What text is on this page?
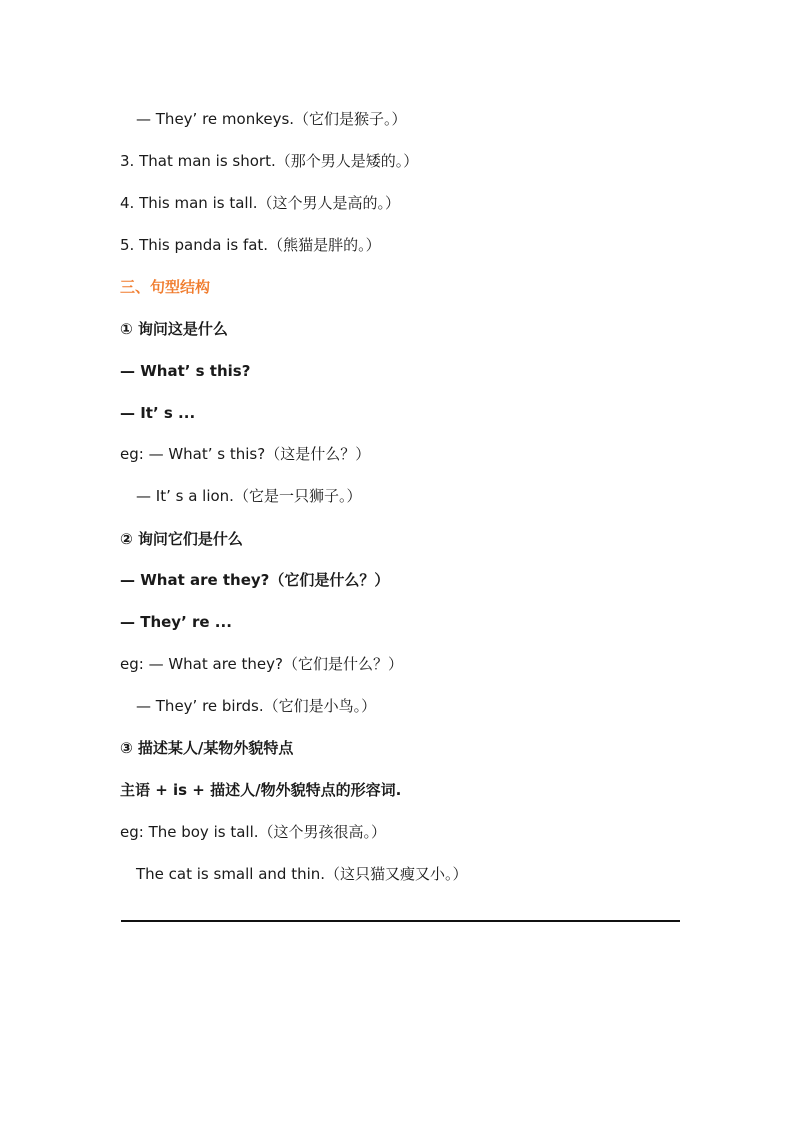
— They’ re monkeys.（它们是猴子。）
3. That man is short.（那个男人是矮的。）
4. This man is tall.（这个男人是高的。）
5. This panda is fat.（熊猫是胖的。）
三、句型结构
① 询问这是什么
— What’ s this?
— It’ s ...
eg: — What’ s this?（这是什么？）
— It’ s a lion.（它是一只狮子。）
② 询问它们是什么
— What are they?（它们是什么？）
— They’ re ...
eg: — What are they?（它们是什么？）
— They’ re birds.（它们是小鸟。）
③ 描述某人/某物外貌特点
主语 + is + 描述人/物外貌特点的形容词.
eg: The boy is tall.（这个男孩很高。）
The cat is small and thin.（这只猫又瘦又小。）
